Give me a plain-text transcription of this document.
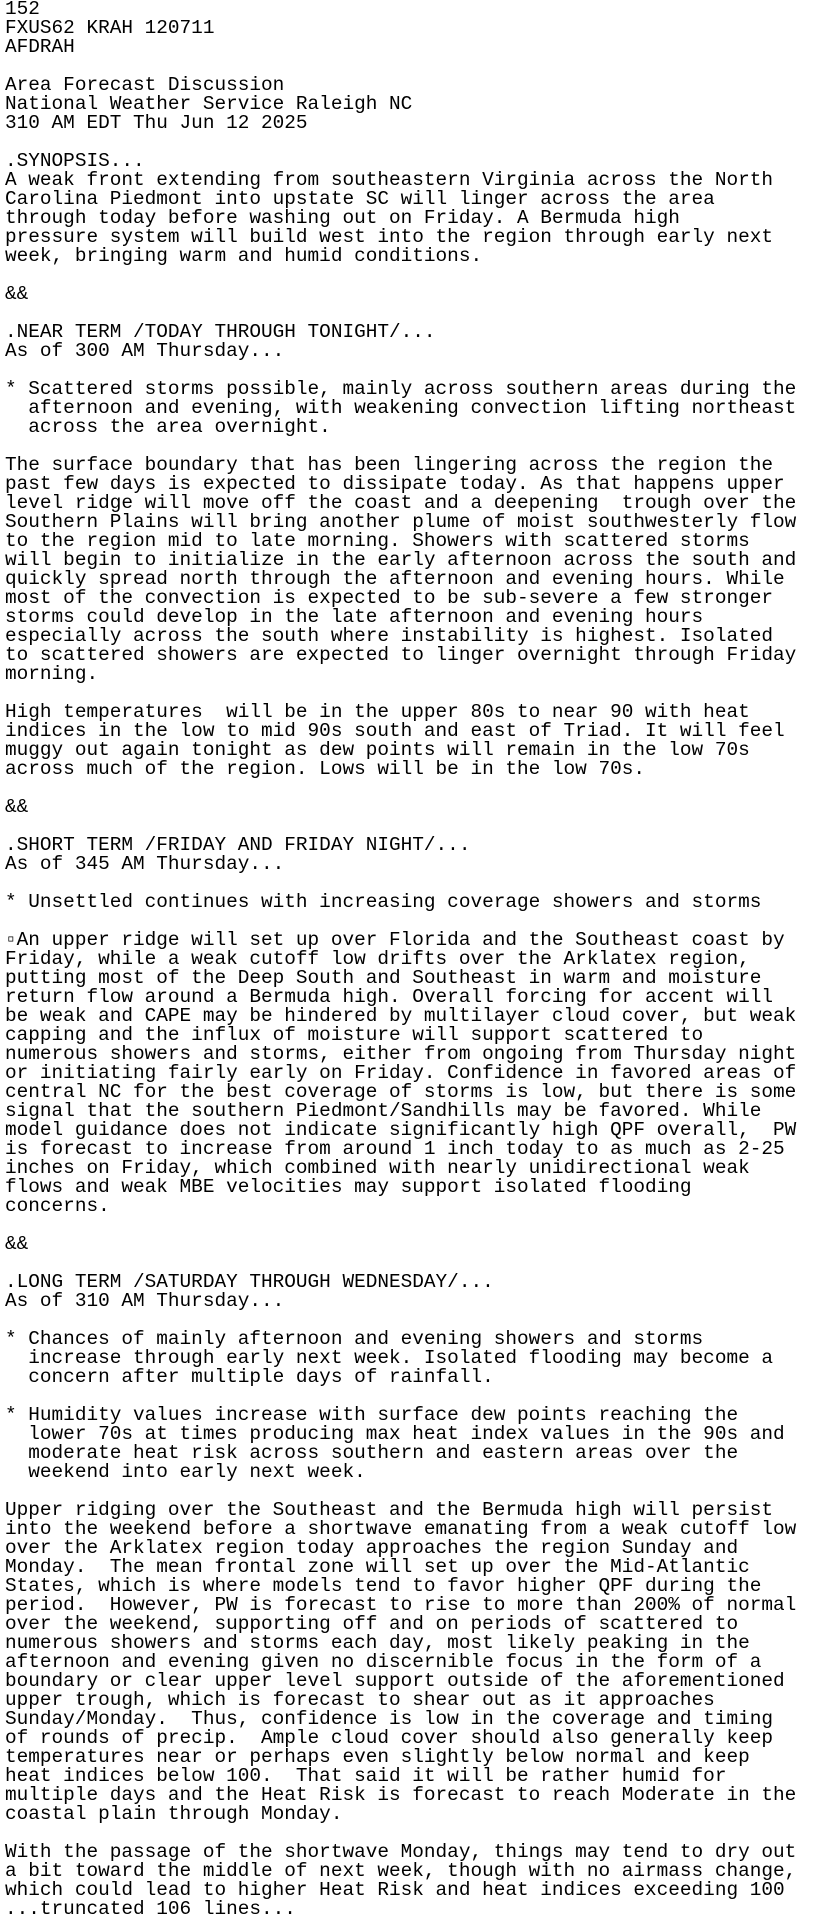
152
FXUS62 KRAH 120711
AFDRAH

Area Forecast Discussion
National Weather Service Raleigh NC
310 AM EDT Thu Jun 12 2025

.SYNOPSIS...
A weak front extending from southeastern Virginia across the North
Carolina Piedmont into upstate SC will linger across the area
through today before washing out on Friday. A Bermuda high
pressure system will build west into the region through early next
week, bringing warm and humid conditions.

&&

.NEAR TERM /TODAY THROUGH TONIGHT/...
As of 300 AM Thursday...

* Scattered storms possible, mainly across southern areas during the
afternoon and evening, with weakening convection lifting northeast
across the area overnight.

The surface boundary that has been lingering across the region the
past few days is expected to dissipate today. As that happens upper
level ridge will move off the coast and a deepening  trough over the
Southern Plains will bring another plume of moist southwesterly flow
to the region mid to late morning. Showers with scattered storms
will begin to initialize in the early afternoon across the south and
quickly spread north through the afternoon and evening hours. While
most of the convection is expected to be sub-severe a few stronger
storms could develop in the late afternoon and evening hours
especially across the south where instability is highest. Isolated
to scattered showers are expected to linger overnight through Friday
morning.

High temperatures  will be in the upper 80s to near 90 with heat
indices in the low to mid 90s south and east of Triad. It will feel
muggy out again tonight as dew points will remain in the low 70s
across much of the region. Lows will be in the low 70s.

&&

.SHORT TERM /FRIDAY AND FRIDAY NIGHT/...
As of 345 AM Thursday...

* Unsettled continues with increasing coverage showers and storms

▫An upper ridge will set up over Florida and the Southeast coast by
Friday, while a weak cutoff low drifts over the Arklatex region,
putting most of the Deep South and Southeast in warm and moisture
return flow around a Bermuda high. Overall forcing for accent will
be weak and CAPE may be hindered by multilayer cloud cover, but weak
capping and the influx of moisture will support scattered to
numerous showers and storms, either from ongoing from Thursday night
or initiating fairly early on Friday. Confidence in favored areas of
central NC for the best coverage of storms is low, but there is some
signal that the southern Piedmont/Sandhills may be favored. While
model guidance does not indicate significantly high QPF overall,  PW
is forecast to increase from around 1 inch today to as much as 2-25
inches on Friday, which combined with nearly unidirectional weak
flows and weak MBE velocities may support isolated flooding
concerns.

&&

.LONG TERM /SATURDAY THROUGH WEDNESDAY/...
As of 310 AM Thursday...

* Chances of mainly afternoon and evening showers and storms
increase through early next week. Isolated flooding may become a
concern after multiple days of rainfall.

* Humidity values increase with surface dew points reaching the
lower 70s at times producing max heat index values in the 90s and
moderate heat risk across southern and eastern areas over the
weekend into early next week.

Upper ridging over the Southeast and the Bermuda high will persist
into the weekend before a shortwave emanating from a weak cutoff low
over the Arklatex region today approaches the region Sunday and
Monday.  The mean frontal zone will set up over the Mid-Atlantic
States, which is where models tend to favor higher QPF during the
period.  However, PW is forecast to rise to more than 200% of normal
over the weekend, supporting off and on periods of scattered to
numerous showers and storms each day, most likely peaking in the
afternoon and evening given no discernible focus in the form of a
boundary or clear upper level support outside of the aforementioned
upper trough, which is forecast to shear out as it approaches
Sunday/Monday.  Thus, confidence is low in the coverage and timing
of rounds of precip.  Ample cloud cover should also generally keep
temperatures near or perhaps even slightly below normal and keep
heat indices below 100.  That said it will be rather humid for
multiple days and the Heat Risk is forecast to reach Moderate in the
coastal plain through Monday.

With the passage of the shortwave Monday, things may tend to dry out
a bit toward the middle of next week, though with no airmass change,
which could lead to higher Heat Risk and heat indices exceeding 100
...truncated 106 lines...
